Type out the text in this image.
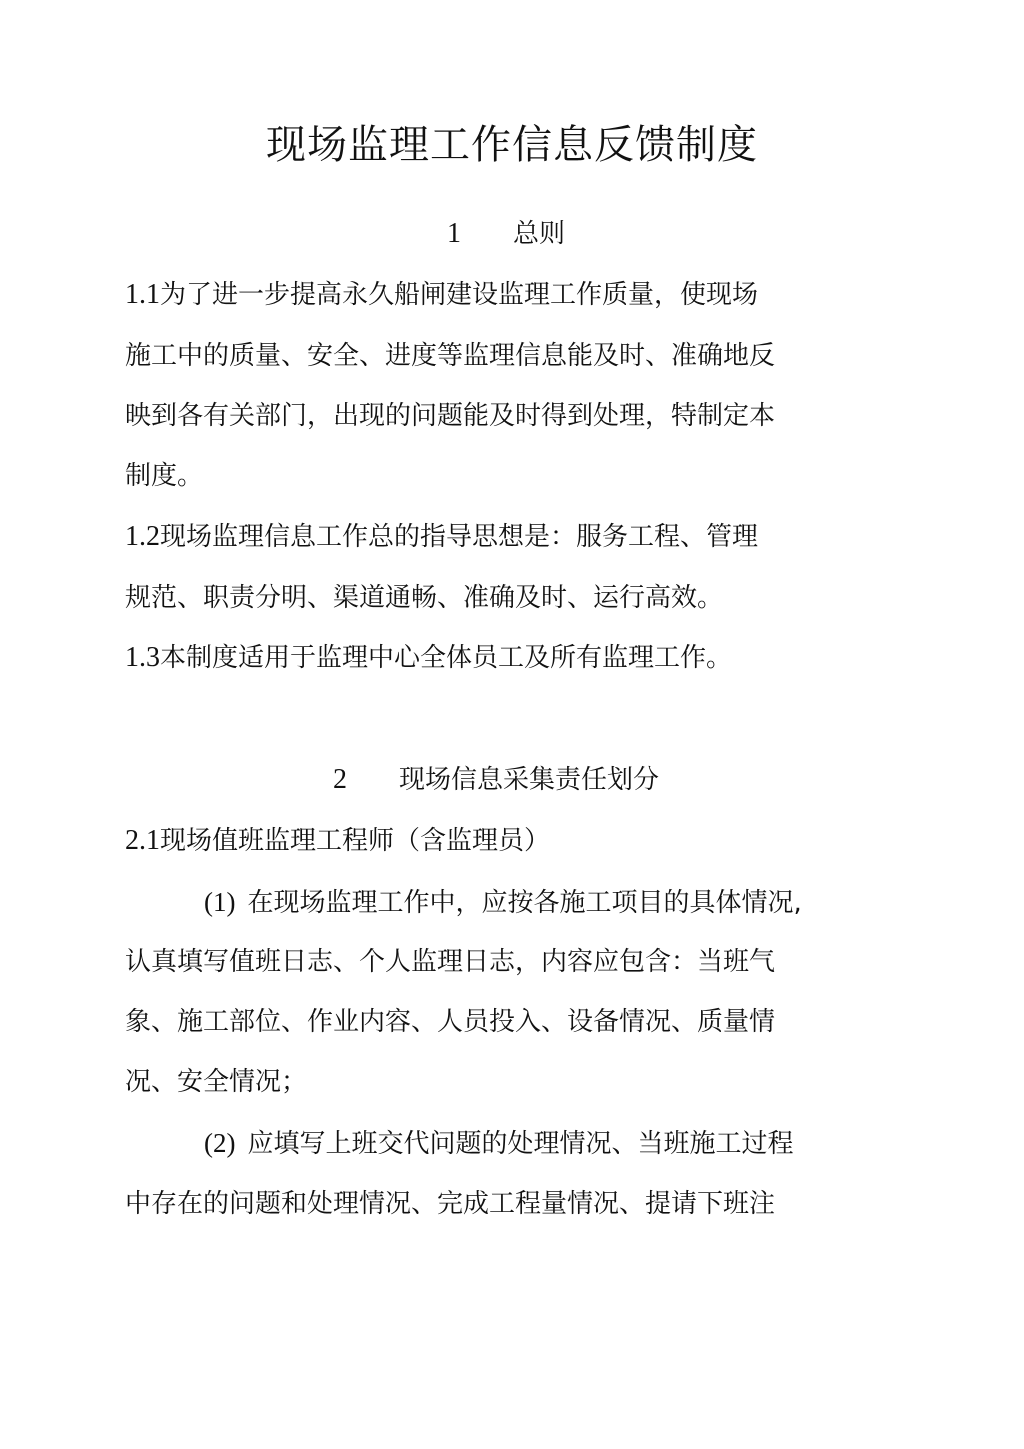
现场监理工作信息反馈制度
1 总则
1.1为了进一步提高永久船闸建设监理工作质量，使现场
施工中的质量、安全、进度等监理信息能及时、准确地反
映到各有关部门，出现的问题能及时得到处理，特制定本
制度。
1.2现场监理信息工作总的指导思想是：服务工程、管理
规范、职责分明、渠道通畅、准确及时、运行高效。
1.3本制度适用于监理中心全体员工及所有监理工作。
2 现场信息采集责任划分
2.1现场值班监理工程师（含监理员）
(1) 在现场监理工作中，应按各施工项目的具体情况,
认真填写值班日志、个人监理日志，内容应包含：当班气
象、施工部位、作业内容、人员投入、设备情况、质量情
况、安全情况；
(2) 应填写上班交代问题的处理情况、当班施工过程
中存在的问题和处理情况、完成工程量情况、提请下班注
